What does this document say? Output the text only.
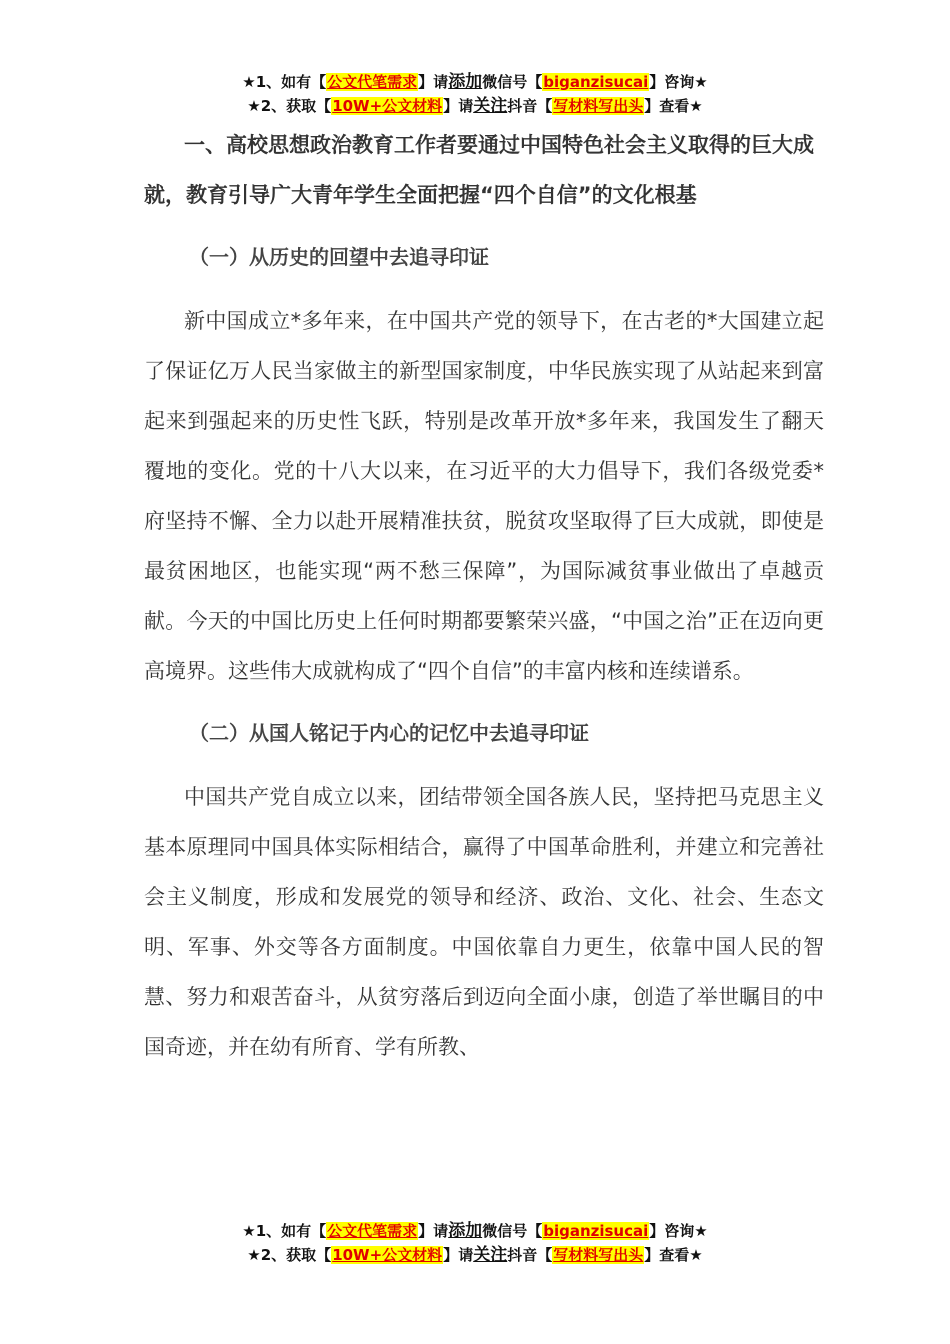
★1、如有【公文代笔需求】请添加微信号【biganzisucai】咨询★
★2、获取【10W+公文材料】请关注抖音【写材料写出头】查看★

一、高校思想政治教育工作者要通过中国特色社会主义取得的巨大成就，教育引导广大青年学生全面把握“四个自信”的文化根基

（一）从历史的回望中去追寻印证

新中国成立*多年来，在中国共产党的领导下，在古老的*大国建立起了保证亿万人民当家做主的新型国家制度，中华民族实现了从站起来到富起来到强起来的历史性飞跃，特别是改革开放*多年来，我国发生了翻天覆地的变化。党的十八大以来，在习近平的大力倡导下，我们各级党委*府坚持不懈、全力以赴开展精准扶贫，脱贫攻坚取得了巨大成就，即使是最贫困地区，也能实现“两不愁三保障”，为国际减贫事业做出了卓越贡献。今天的中国比历史上任何时期都要繁荣兴盛，“中国之治”正在迈向更高境界。这些伟大成就构成了“四个自信”的丰富内核和连续谱系。

（二）从国人铭记于内心的记忆中去追寻印证

中国共产党自成立以来，团结带领全国各族人民，坚持把马克思主义基本原理同中国具体实际相结合，赢得了中国革命胜利，并建立和完善社会主义制度，形成和发展党的领导和经济、政治、文化、社会、生态文明、军事、外交等各方面制度。中国依靠自力更生，依靠中国人民的智慧、努力和艰苦奋斗，从贫穷落后到迈向全面小康，创造了举世瞩目的中国奇迹，并在幼有所育、学有所教、

★1、如有【公文代笔需求】请添加微信号【biganzisucai】咨询★
★2、获取【10W+公文材料】请关注抖音【写材料写出头】查看★
